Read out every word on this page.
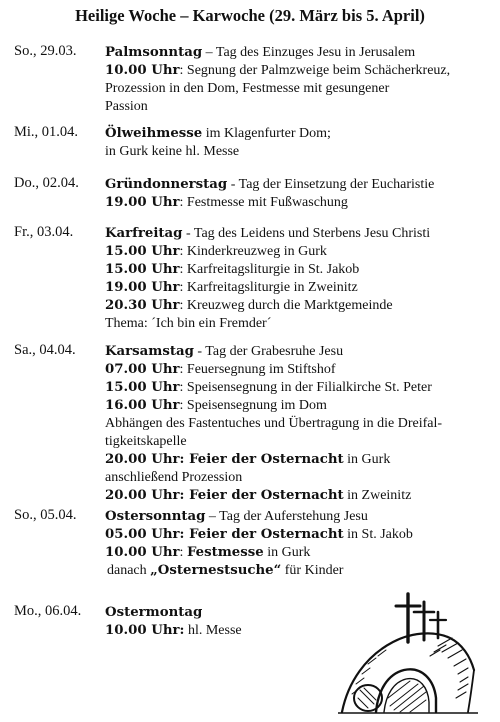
Heilige Woche – Karwoche (29. März bis 5. April)
So., 29.03. Palmsonntag – Tag des Einzuges Jesu in Jerusalem
10.00 Uhr: Segnung der Palmzweige beim Schächerkreuz,
Prozession in den Dom, Festmesse mit gesungener
Passion
Mi., 01.04. Ölweihmesse im Klagenfurter Dom;
in Gurk keine hl. Messe
Do., 02.04. Gründonnerstag - Tag der Einsetzung der Eucharistie
19.00 Uhr: Festmesse mit Fußwaschung
Fr., 03.04. Karfreitag - Tag des Leidens und Sterbens Jesu Christi
15.00 Uhr: Kinderkreuzweg in Gurk
15.00 Uhr: Karfreitagsliturgie in St. Jakob
19.00 Uhr: Karfreitagsliturgie in Zweinitz
20.30 Uhr: Kreuzweg durch die Marktgemeinde
Thema: ´Ich bin ein Fremder´
Sa., 04.04. Karsamstag - Tag der Grabesruhe Jesu
07.00 Uhr: Feuersegnung im Stiftshof
15.00 Uhr: Speisensegnung in der Filialkirche St. Peter
16.00 Uhr: Speisensegnung im Dom
Abhängen des Fastentuches und Übertragung in die Dreifal-
tigkeitskapelle
20.00 Uhr: Feier der Osternacht in Gurk
anschließend Prozession
20.00 Uhr: Feier der Osternacht in Zweinitz
So., 05.04. Ostersonntag – Tag der Auferstehung Jesu
05.00 Uhr: Feier der Osternacht in St. Jakob
10.00 Uhr: Festmesse in Gurk
danach „Osternestsuche“ für Kinder
Mo., 06.04. Ostermontag
10.00 Uhr: hl. Messe
